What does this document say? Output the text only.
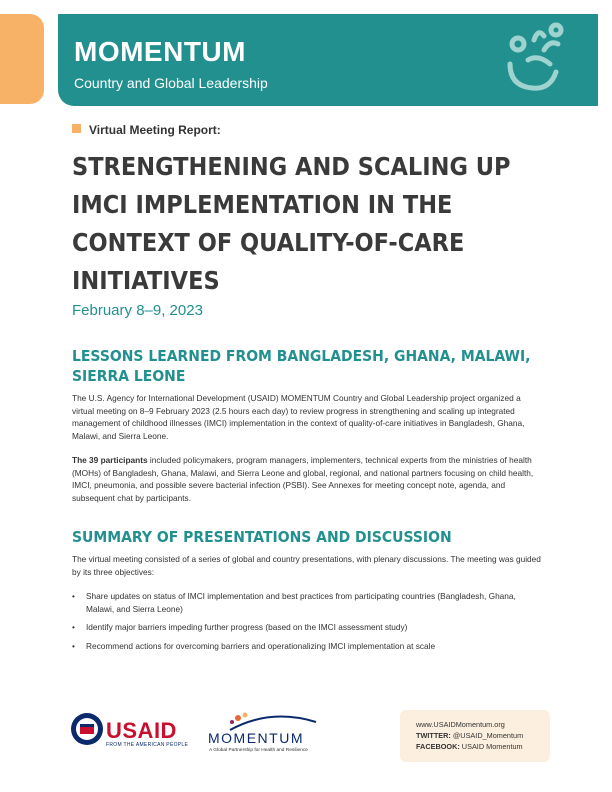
MOMENTUM
Country and Global Leadership
Virtual Meeting Report:
STRENGTHENING AND SCALING UP IMCI IMPLEMENTATION IN THE CONTEXT OF QUALITY-OF-CARE INITIATIVES
February 8–9, 2023
LESSONS LEARNED FROM BANGLADESH, GHANA, MALAWI, SIERRA LEONE

The U.S. Agency for International Development (USAID) MOMENTUM Country and Global Leadership project organized a virtual meeting on 8–9 February 2023 (2.5 hours each day) to review progress in strengthening and scaling up integrated management of childhood illnesses (IMCI) implementation in the context of quality-of-care initiatives in Bangladesh, Ghana, Malawi, and Sierra Leone.

The 39 participants included policymakers, program managers, implementers, technical experts from the ministries of health (MOHs) of Bangladesh, Ghana, Malawi, and Sierra Leone and global, regional, and national partners focusing on child health, IMCI, pneumonia, and possible severe bacterial infection (PSBI). See Annexes for meeting concept note, agenda, and subsequent chat by participants.

SUMMARY OF PRESENTATIONS AND DISCUSSION

The virtual meeting consisted of a series of global and country presentations, with plenary discussions. The meeting was guided by its three objectives:

• Share updates on status of IMCI implementation and best practices from participating countries (Bangladesh, Ghana, Malawi, and Sierra Leone)
• Identify major barriers impeding further progress (based on the IMCI assessment study)
• Recommend actions for overcoming barriers and operationalizing IMCI implementation at scale
USAID
FROM THE AMERICAN PEOPLE MOMENTUM
A Global Partnership for Health and Resilience
www.USAIDMomentum.org
TWITTER: @USAID_Momentum
FACEBOOK: USAID Momentum
